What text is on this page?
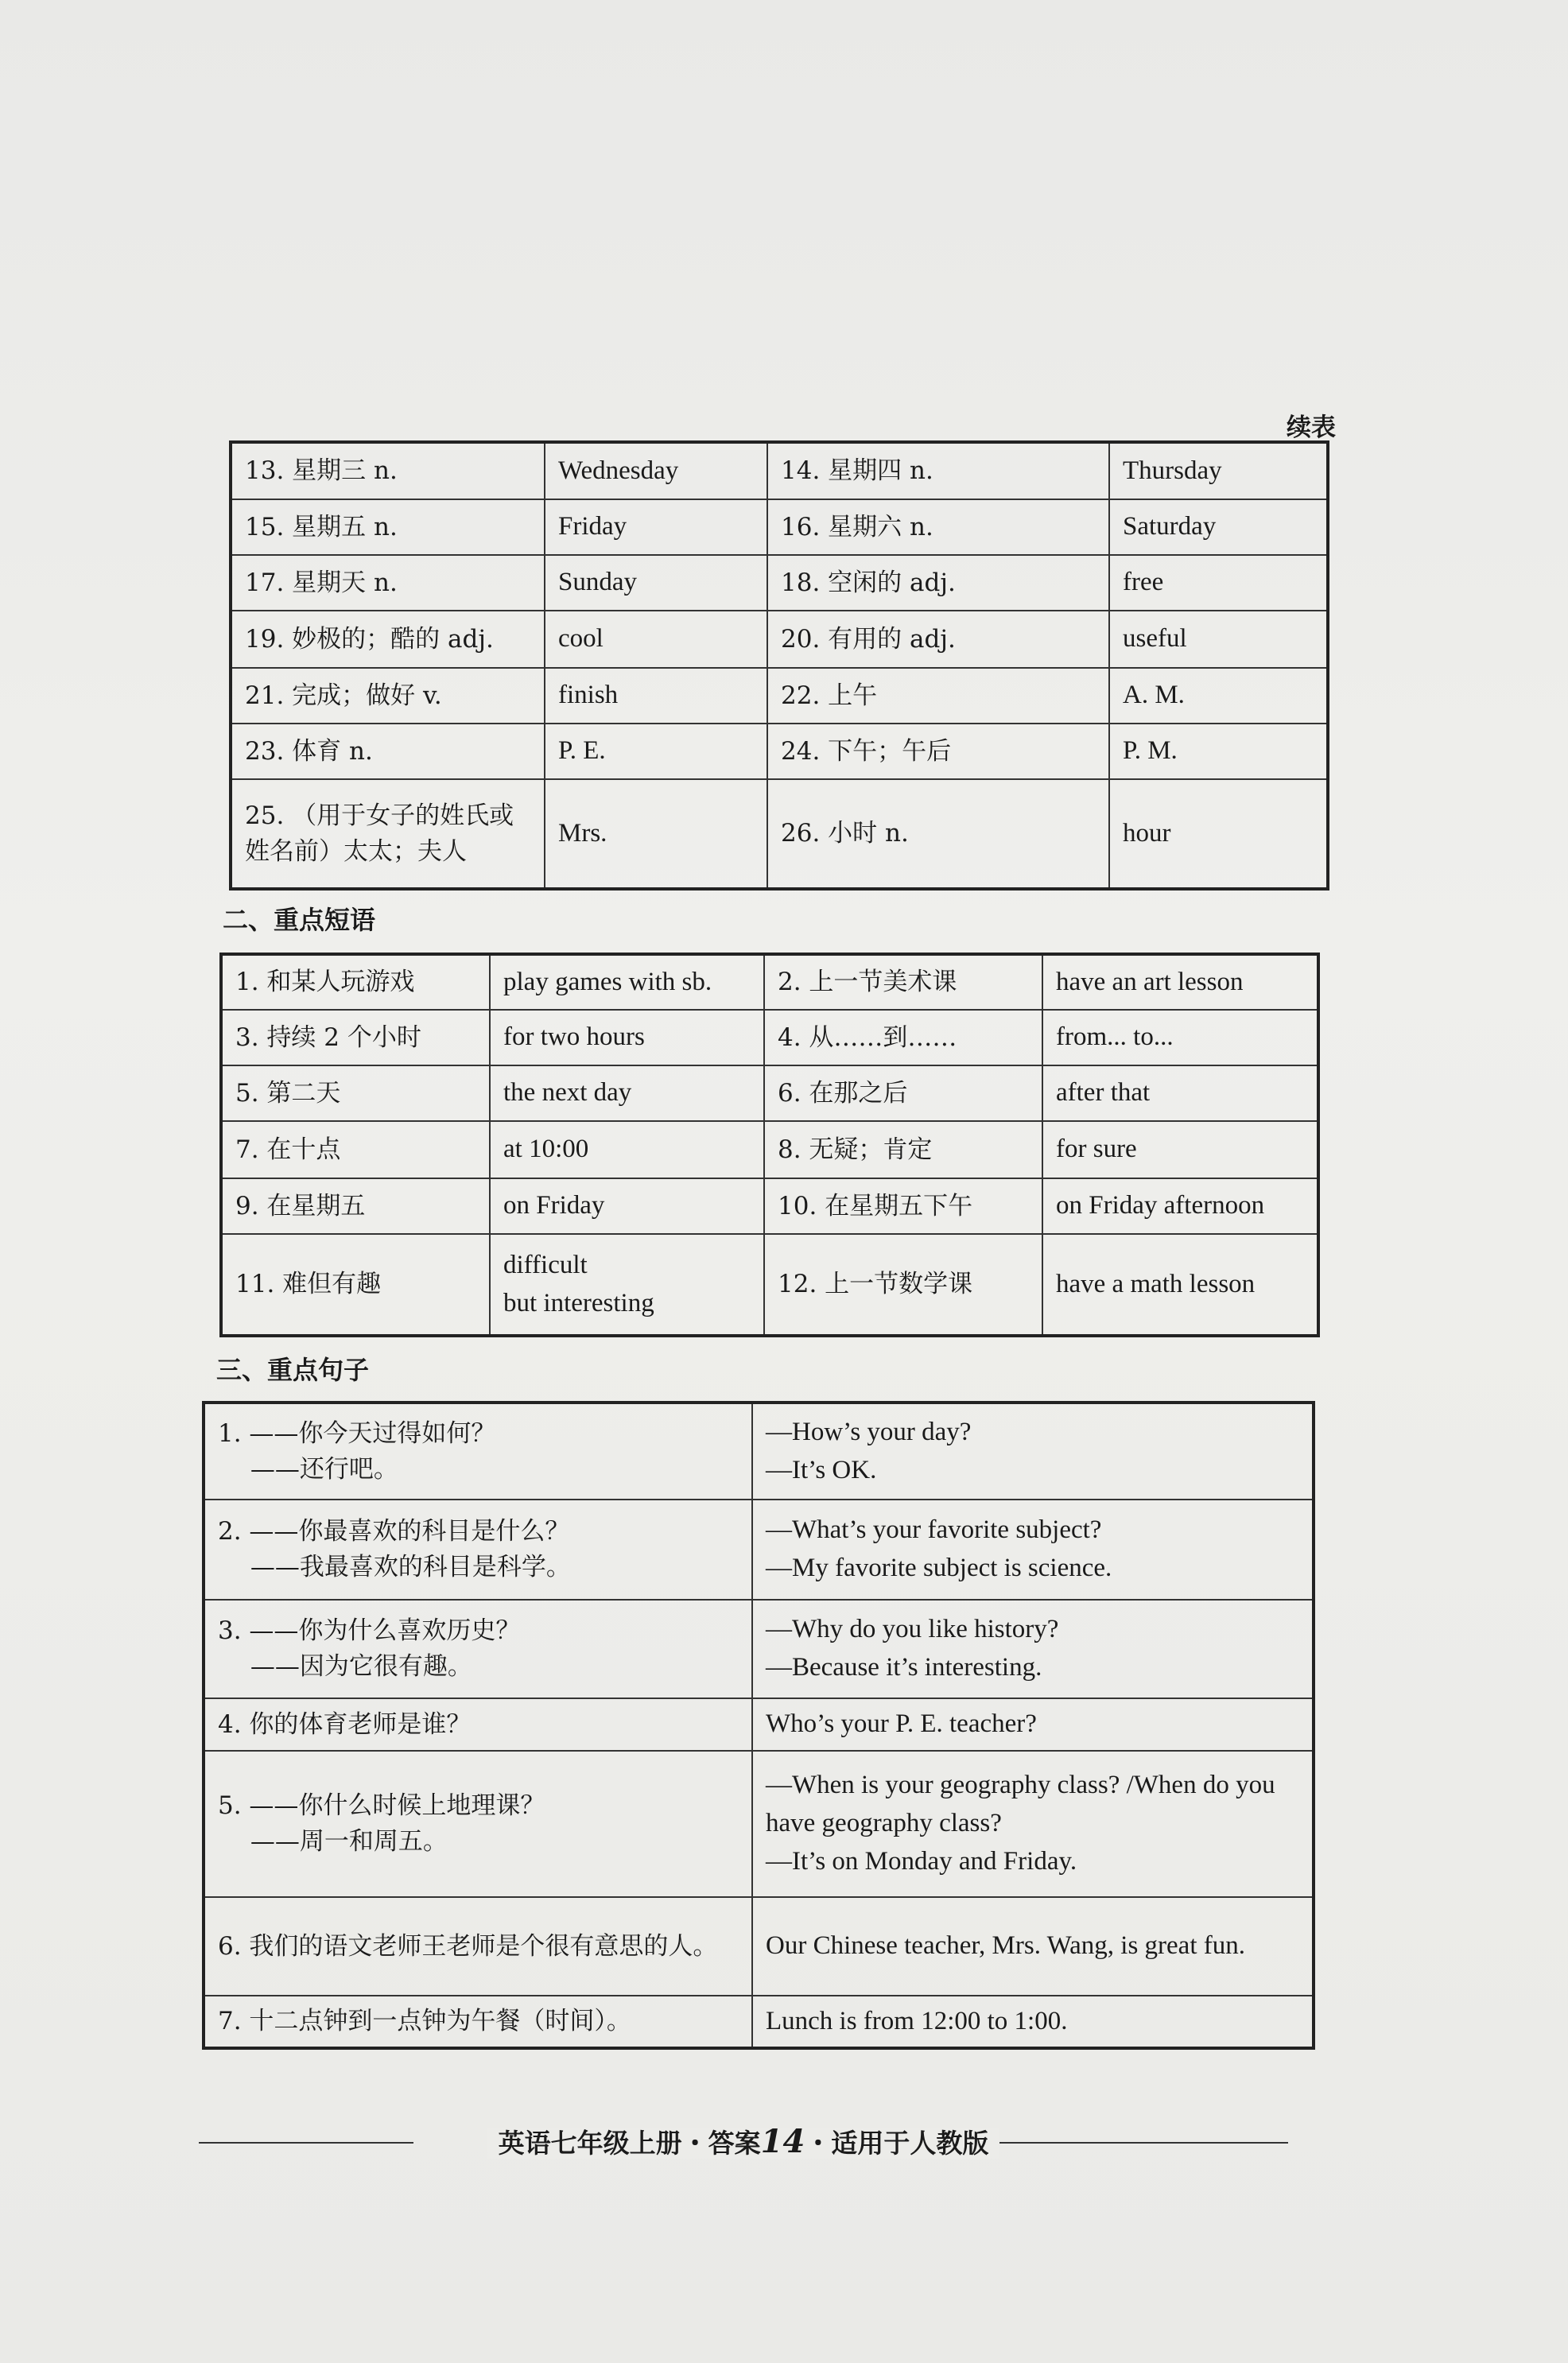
续表
13. 星期三 n.	Wednesday	14. 星期四 n.	Thursday
15. 星期五 n.	Friday	16. 星期六 n.	Saturday
17. 星期天 n.	Sunday	18. 空闲的 adj.	free
19. 妙极的；酷的 adj.	cool	20. 有用的 adj.	useful
21. 完成；做好 v.	finish	22. 上午	A. M.
23. 体育 n.	P. E.	24. 下午；午后	P. M.
25. （用于女子的姓氏或姓名前）太太；夫人	Mrs.	26. 小时 n.	hour
二、重点短语
1. 和某人玩游戏	play games with sb.	2. 上一节美术课	have an art lesson
3. 持续 2 个小时	for two hours	4. 从……到……	from... to...
5. 第二天	the next day	6. 在那之后	after that
7. 在十点	at 10:00	8. 无疑；肯定	for sure
9. 在星期五	on Friday	10. 在星期五下午	on Friday afternoon
11. 难但有趣	difficult
but interesting	12. 上一节数学课	have a math lesson
三、重点句子
1. ——你今天过得如何？
　 ——还行吧。	—How’s your day?
—It’s OK.
2. ——你最喜欢的科目是什么？
　 ——我最喜欢的科目是科学。	—What’s your favorite subject?
—My favorite subject is science.
3. ——你为什么喜欢历史？
　 ——因为它很有趣。	—Why do you like history?
—Because it’s interesting.
4. 你的体育老师是谁？	Who’s your P. E. teacher?
5. ——你什么时候上地理课？
　 ——周一和周五。	—When is your geography class? /When do you have geography class?
—It’s on Monday and Friday.
6. 我们的语文老师王老师是个很有意思的人。	Our Chinese teacher, Mrs. Wang, is great fun.
7. 十二点钟到一点钟为午餐（时间）。	Lunch is from 12:00 to 1:00.
英语七年级上册・答案14・适用于人教版
